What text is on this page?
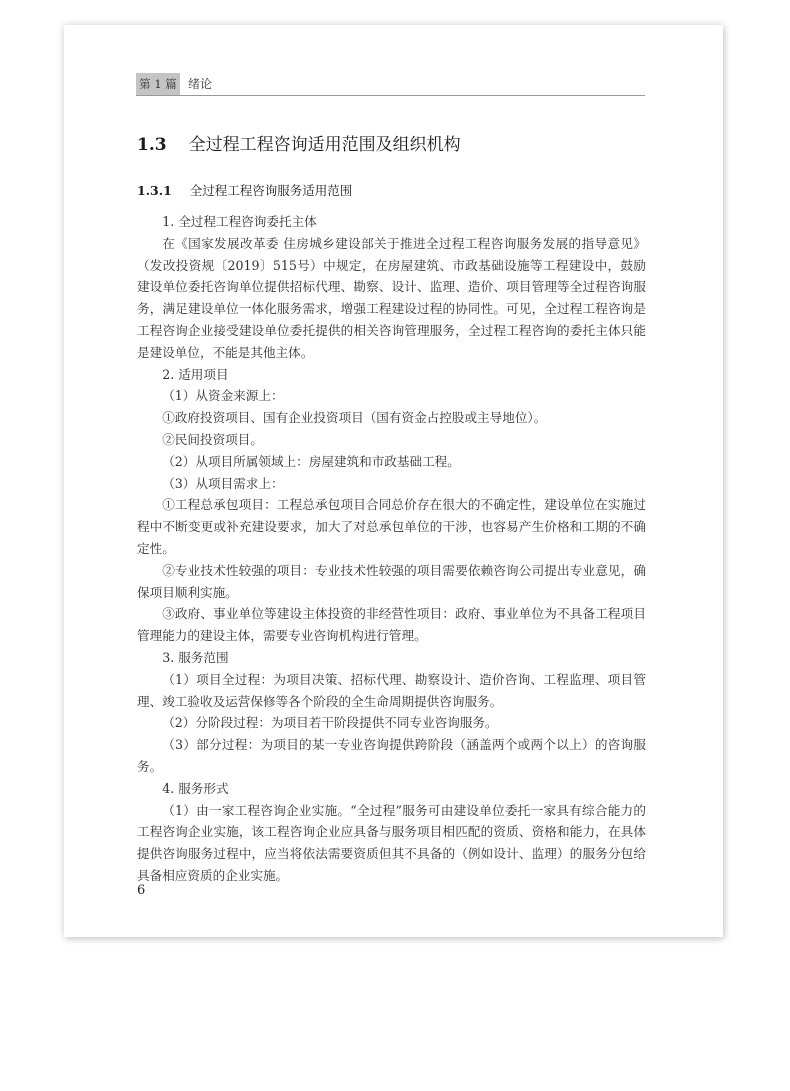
第 1 篇 绪论
1.3 全过程工程咨询适用范围及组织机构
1.3.1 全过程工程咨询服务适用范围

1. 全过程工程咨询委托主体

在《国家发展改革委 住房城乡建设部关于推进全过程工程咨询服务发展的指导意见》（发改投资规〔2019〕515号）中规定，在房屋建筑、市政基础设施等工程建设中，鼓励建设单位委托咨询单位提供招标代理、勘察、设计、监理、造价、项目管理等全过程咨询服务，满足建设单位一体化服务需求，增强工程建设过程的协同性。可见，全过程工程咨询是工程咨询企业接受建设单位委托提供的相关咨询管理服务，全过程工程咨询的委托主体只能是建设单位，不能是其他主体。

2. 适用项目

（1）从资金来源上：

①政府投资项目、国有企业投资项目（国有资金占控股或主导地位）。

②民间投资项目。

（2）从项目所属领域上：房屋建筑和市政基础工程。

（3）从项目需求上：

①工程总承包项目：工程总承包项目合同总价存在很大的不确定性，建设单位在实施过程中不断变更或补充建设要求，加大了对总承包单位的干涉，也容易产生价格和工期的不确定性。

②专业技术性较强的项目：专业技术性较强的项目需要依赖咨询公司提出专业意见，确保项目顺利实施。

③政府、事业单位等建设主体投资的非经营性项目：政府、事业单位为不具备工程项目管理能力的建设主体，需要专业咨询机构进行管理。

3. 服务范围

（1）项目全过程：为项目决策、招标代理、勘察设计、造价咨询、工程监理、项目管理、竣工验收及运营保修等各个阶段的全生命周期提供咨询服务。

（2）分阶段过程：为项目若干阶段提供不同专业咨询服务。

（3）部分过程：为项目的某一专业咨询提供跨阶段（涵盖两个或两个以上）的咨询服务。

4. 服务形式

（1）由一家工程咨询企业实施。“全过程”服务可由建设单位委托一家具有综合能力的工程咨询企业实施，该工程咨询企业应具备与服务项目相匹配的资质、资格和能力，在具体提供咨询服务过程中，应当将依法需要资质但其不具备的（例如设计、监理）的服务分包给具备相应资质的企业实施。

6
